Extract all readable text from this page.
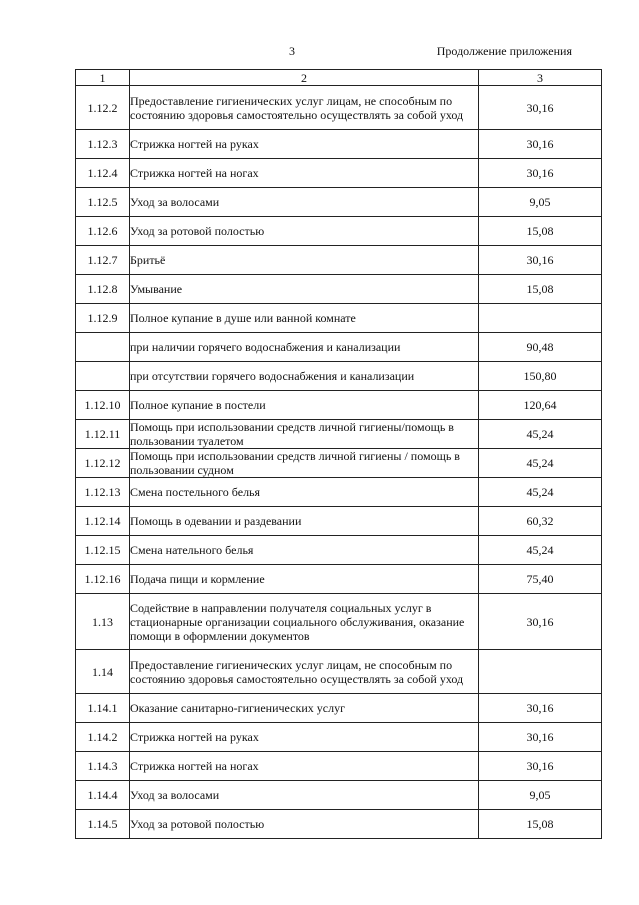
3	Продолжение приложения
1	2	3
1.12.2	Предоставление гигиенических услуг лицам, не способным по состоянию здоровья самостоятельно осуществлять за собой уход	30,16
1.12.3	Стрижка ногтей на руках	30,16
1.12.4	Стрижка ногтей на ногах	30,16
1.12.5	Уход за волосами	9,05
1.12.6	Уход за ротовой полостью	15,08
1.12.7	Бритьё	30,16
1.12.8	Умывание	15,08
1.12.9	Полное купание в душе или ванной комнате	
	при наличии горячего водоснабжения и канализации	90,48
	при отсутствии горячего водоснабжения и канализации	150,80
1.12.10	Полное купание в постели	120,64
1.12.11	Помощь при использовании средств личной гигиены/помощь в пользовании туалетом	45,24
1.12.12	Помощь при использовании средств личной гигиены / помощь в пользовании судном	45,24
1.12.13	Смена постельного белья	45,24
1.12.14	Помощь в одевании и раздевании	60,32
1.12.15	Смена нательного белья	45,24
1.12.16	Подача пищи и кормление	75,40
1.13	Содействие в направлении получателя социальных услуг в стационарные организации социального обслуживания, оказание помощи в оформлении документов	30,16
1.14	Предоставление гигиенических услуг лицам, не способным по состоянию здоровья самостоятельно осуществлять за собой уход	
1.14.1	Оказание санитарно-гигиенических услуг	30,16
1.14.2	Стрижка ногтей на руках	30,16
1.14.3	Стрижка ногтей на ногах	30,16
1.14.4	Уход за волосами	9,05
1.14.5	Уход за ротовой полостью	15,08
